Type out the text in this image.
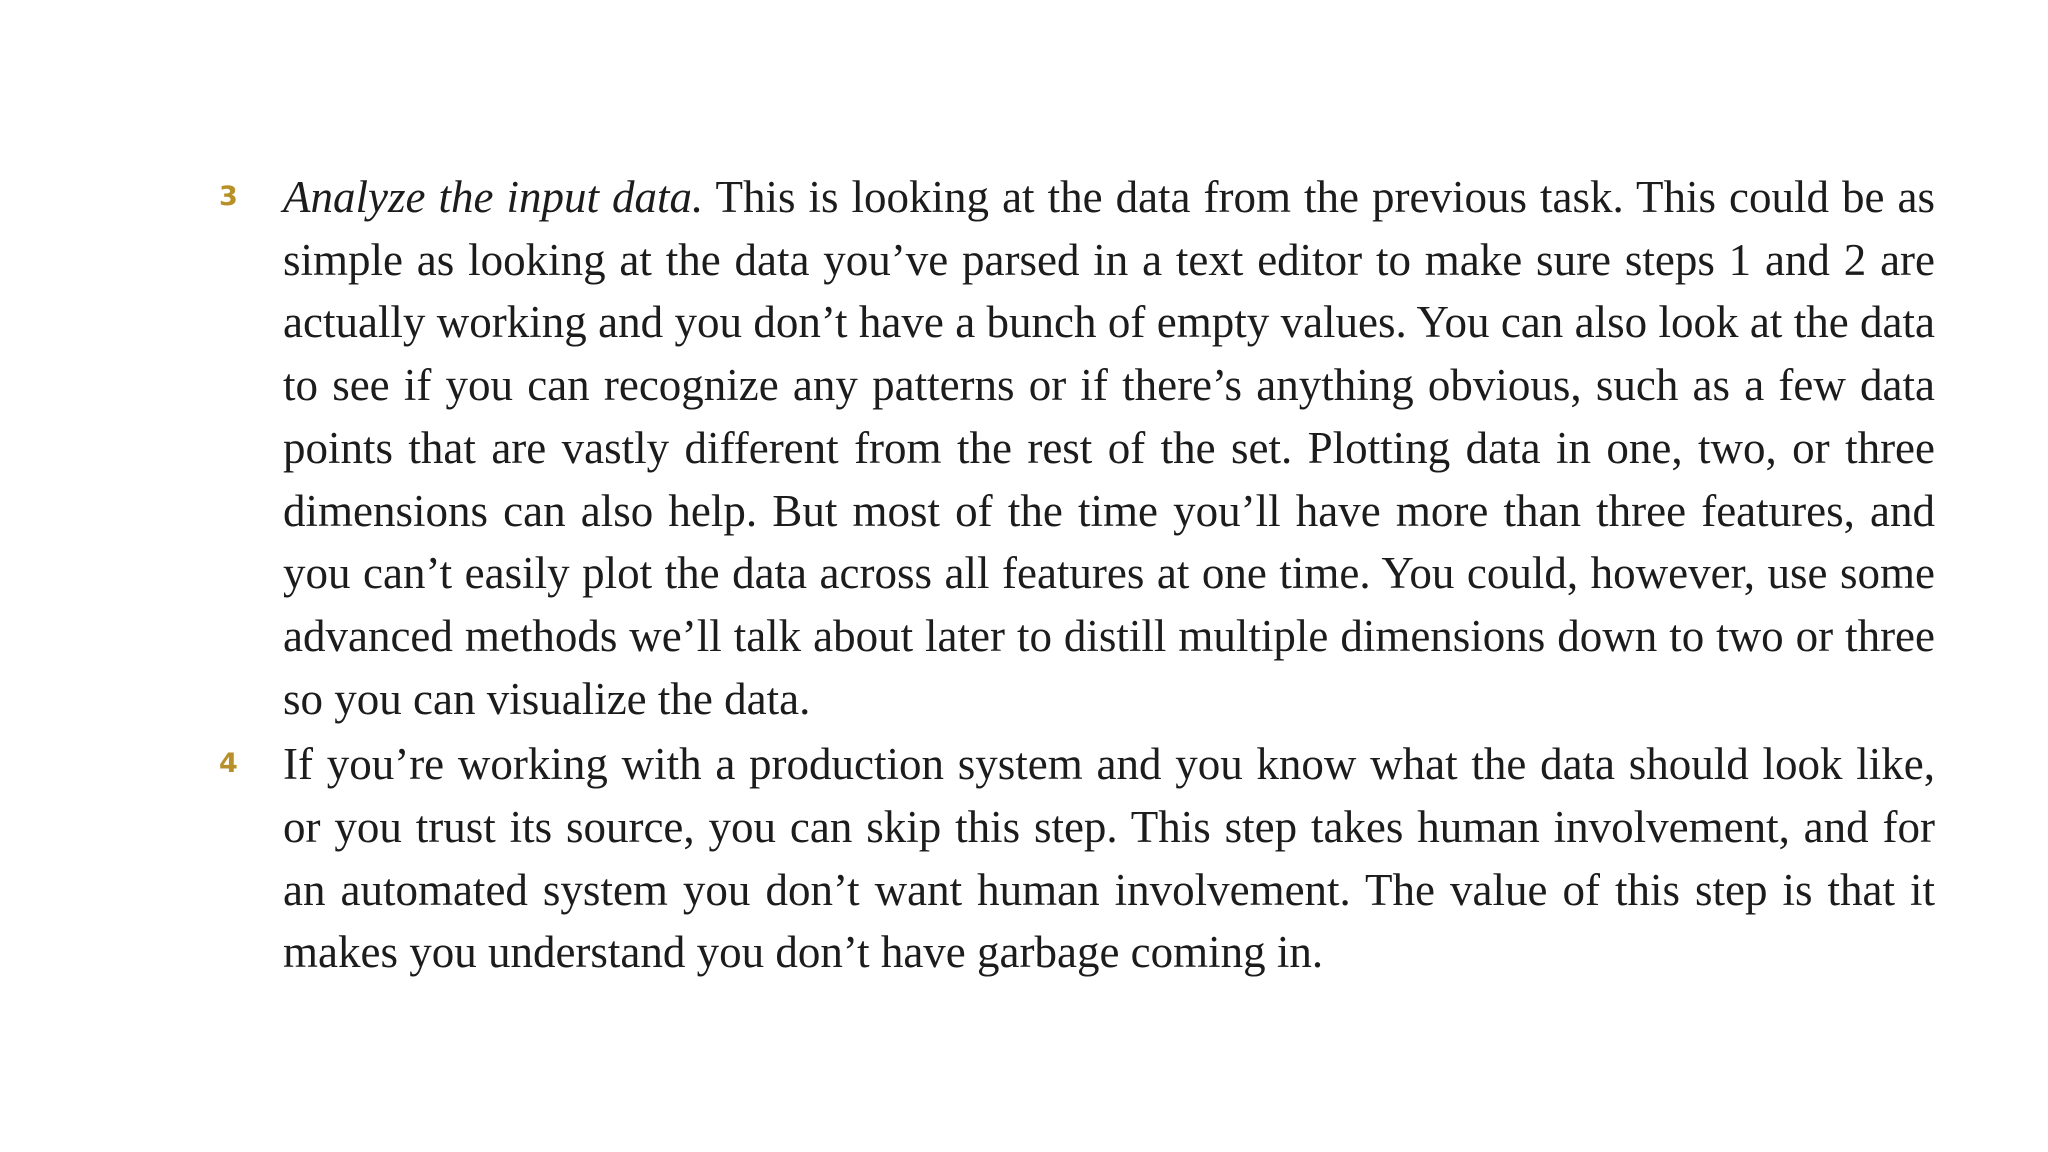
3 Analyze the input data. This is looking at the data from the previous task. This could be as simple as looking at the data you’ve parsed in a text editor to make sure steps 1 and 2 are actually working and you don’t have a bunch of empty values. You can also look at the data to see if you can recognize any patterns or if there’s anything obvious, such as a few data points that are vastly different from the rest of the set. Plotting data in one, two, or three dimensions can also help. But most of the time you’ll have more than three features, and you can’t easily plot the data across all features at one time. You could, however, use some advanced methods we’ll talk about later to distill multiple dimensions down to two or three so you can visualize the data.

4 If you’re working with a production system and you know what the data should look like, or you trust its source, you can skip this step. This step takes human involvement, and for an automated system you don’t want human involvement. The value of this step is that it makes you understand you don’t have garbage coming in.
